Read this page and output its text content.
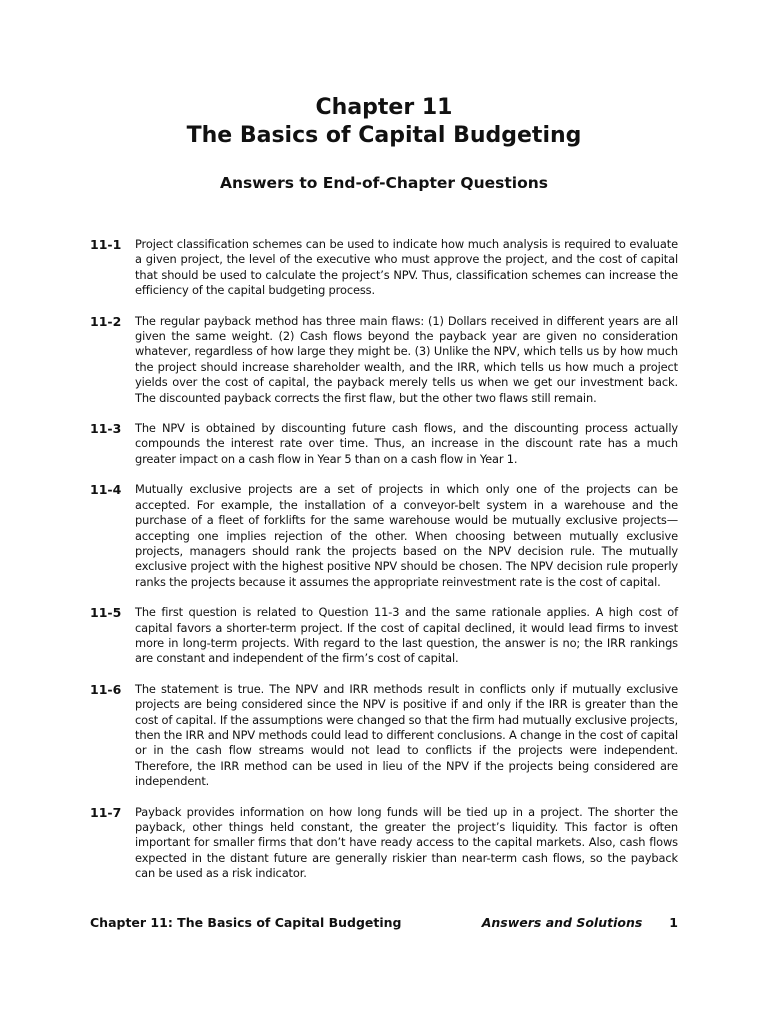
Chapter 11
The Basics of Capital Budgeting
Answers to End-of-Chapter Questions
11-1	Project classification schemes can be used to indicate how much analysis is required to evaluate a given project, the level of the executive who must approve the project, and the cost of capital that should be used to calculate the project’s NPV. Thus, classification schemes can increase the efficiency of the capital budgeting process.

11-2	The regular payback method has three main flaws: (1) Dollars received in different years are all given the same weight. (2) Cash flows beyond the payback year are given no consideration whatever, regardless of how large they might be. (3) Unlike the NPV, which tells us by how much the project should increase shareholder wealth, and the IRR, which tells us how much a project yields over the cost of capital, the payback merely tells us when we get our investment back. The discounted payback corrects the first flaw, but the other two flaws still remain.

11-3	The NPV is obtained by discounting future cash flows, and the discounting process actually compounds the interest rate over time. Thus, an increase in the discount rate has a much greater impact on a cash flow in Year 5 than on a cash flow in Year 1.

11-4	Mutually exclusive projects are a set of projects in which only one of the projects can be accepted. For example, the installation of a conveyor-belt system in a warehouse and the purchase of a fleet of forklifts for the same warehouse would be mutually exclusive projects—accepting one implies rejection of the other. When choosing between mutually exclusive projects, managers should rank the projects based on the NPV decision rule. The mutually exclusive project with the highest positive NPV should be chosen. The NPV decision rule properly ranks the projects because it assumes the appropriate reinvestment rate is the cost of capital.

11-5	The first question is related to Question 11-3 and the same rationale applies. A high cost of capital favors a shorter-term project. If the cost of capital declined, it would lead firms to invest more in long-term projects. With regard to the last question, the answer is no; the IRR rankings are constant and independent of the firm’s cost of capital.

11-6	The statement is true. The NPV and IRR methods result in conflicts only if mutually exclusive projects are being considered since the NPV is positive if and only if the IRR is greater than the cost of capital. If the assumptions were changed so that the firm had mutually exclusive projects, then the IRR and NPV methods could lead to different conclusions. A change in the cost of capital or in the cash flow streams would not lead to conflicts if the projects were independent. Therefore, the IRR method can be used in lieu of the NPV if the projects being considered are independent.

11-7	Payback provides information on how long funds will be tied up in a project. The shorter the payback, other things held constant, the greater the project’s liquidity. This factor is often important for smaller firms that don’t have ready access to the capital markets. Also, cash flows expected in the distant future are generally riskier than near-term cash flows, so the payback can be used as a risk indicator.

Chapter 11: The Basics of Capital Budgeting	Answers and Solutions 1
